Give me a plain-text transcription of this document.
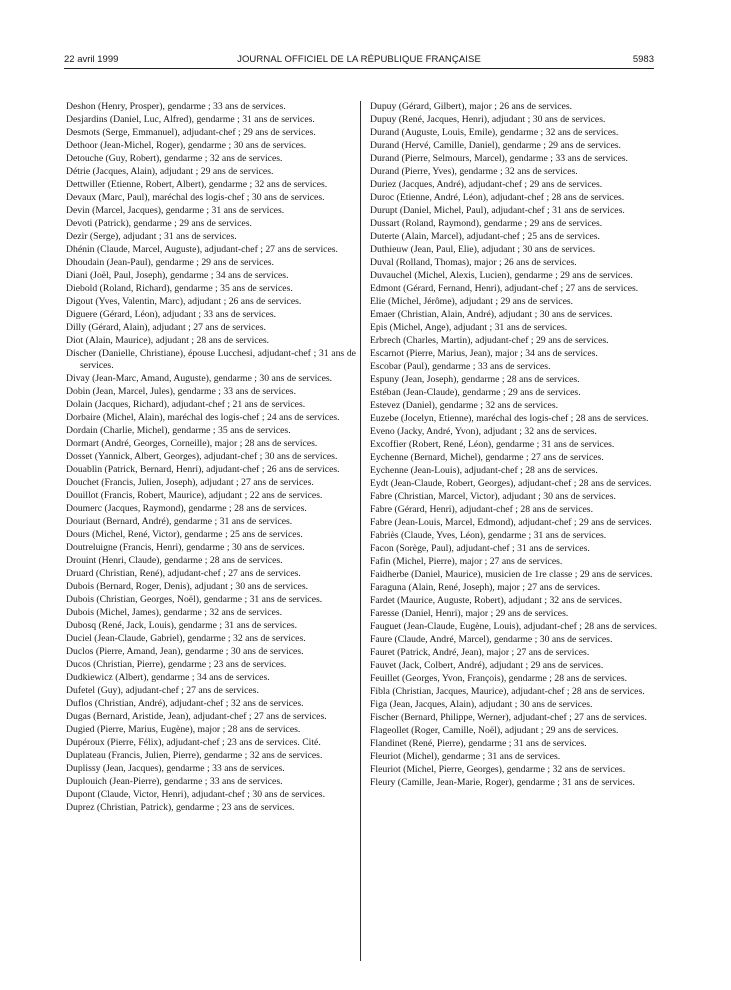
22 avril 1999	JOURNAL OFFICIEL DE LA RÉPUBLIQUE FRANÇAISE	5983

Deshon (Henry, Prosper), gendarme ; 33 ans de services.

Desjardins (Daniel, Luc, Alfred), gendarme ; 31 ans de services.

Desmots (Serge, Emmanuel), adjudant-chef ; 29 ans de services.

Dethoor (Jean-Michel, Roger), gendarme ; 30 ans de services.

Detouche (Guy, Robert), gendarme ; 32 ans de services.

Détrie (Jacques, Alain), adjudant ; 29 ans de services.

Dettwiller (Etienne, Robert, Albert), gendarme ; 32 ans de services.

Devaux (Marc, Paul), maréchal des logis-chef ; 30 ans de services.

Devin (Marcel, Jacques), gendarme ; 31 ans de services.

Devoti (Patrick), gendarme ; 29 ans de services.

Dezir (Serge), adjudant ; 31 ans de services.

Dhénin (Claude, Marcel, Auguste), adjudant-chef ; 27 ans de services.

Dhoudain (Jean-Paul), gendarme ; 29 ans de services.

Diani (Joël, Paul, Joseph), gendarme ; 34 ans de services.

Diebold (Roland, Richard), gendarme ; 35 ans de services.

Digout (Yves, Valentin, Marc), adjudant ; 26 ans de services.

Diguere (Gérard, Léon), adjudant ; 33 ans de services.

Dilly (Gérard, Alain), adjudant ; 27 ans de services.

Diot (Alain, Maurice), adjudant ; 28 ans de services.

Discher (Danielle, Christiane), épouse Lucchesi, adjudant-chef ; 31 ans de services.

Divay (Jean-Marc, Amand, Auguste), gendarme ; 30 ans de services.

Dobin (Jean, Marcel, Jules), gendarme ; 33 ans de services.

Dolain (Jacques, Richard), adjudant-chef ; 21 ans de services.

Dorbaire (Michel, Alain), maréchal des logis-chef ; 24 ans de services.

Dordain (Charlie, Michel), gendarme ; 35 ans de services.

Dormart (André, Georges, Corneille), major ; 28 ans de services.

Dosset (Yannick, Albert, Georges), adjudant-chef ; 30 ans de services.

Douablin (Patrick, Bernard, Henri), adjudant-chef ; 26 ans de services.

Douchet (Francis, Julien, Joseph), adjudant ; 27 ans de services.

Douillot (Francis, Robert, Maurice), adjudant ; 22 ans de services.

Doumerc (Jacques, Raymond), gendarme ; 28 ans de services.

Douriaut (Bernard, André), gendarme ; 31 ans de services.

Dours (Michel, René, Victor), gendarme ; 25 ans de services.

Doutreluigne (Francis, Henri), gendarme ; 30 ans de services.

Drouint (Henri, Claude), gendarme ; 28 ans de services.

Druard (Christian, René), adjudant-chef ; 27 ans de services.

Dubois (Bernard, Roger, Denis), adjudant ; 30 ans de services.

Dubois (Christian, Georges, Noël), gendarme ; 31 ans de services.

Dubois (Michel, James), gendarme ; 32 ans de services.

Dubosq (René, Jack, Louis), gendarme ; 31 ans de services.

Duciel (Jean-Claude, Gabriel), gendarme ; 32 ans de services.

Duclos (Pierre, Amand, Jean), gendarme ; 30 ans de services.

Ducos (Christian, Pierre), gendarme ; 23 ans de services.

Dudkiewicz (Albert), gendarme ; 34 ans de services.

Dufetel (Guy), adjudant-chef ; 27 ans de services.

Duflos (Christian, André), adjudant-chef ; 32 ans de services.

Dugas (Bernard, Aristide, Jean), adjudant-chef ; 27 ans de services.

Dugied (Pierre, Marius, Eugène), major ; 28 ans de services.

Dupéroux (Pierre, Félix), adjudant-chef ; 23 ans de services. Cité.

Duplateau (Francis, Julien, Pierre), gendarme ; 32 ans de services.

Duplissy (Jean, Jacques), gendarme ; 33 ans de services.

Duplouich (Jean-Pierre), gendarme ; 33 ans de services.

Dupont (Claude, Victor, Henri), adjudant-chef ; 30 ans de services.

Duprez (Christian, Patrick), gendarme ; 23 ans de services.

Dupuy (Gérard, Gilbert), major ; 26 ans de services.

Dupuy (René, Jacques, Henri), adjudant ; 30 ans de services.

Durand (Auguste, Louis, Emile), gendarme ; 32 ans de services.

Durand (Hervé, Camille, Daniel), gendarme ; 29 ans de services.

Durand (Pierre, Selmours, Marcel), gendarme ; 33 ans de services.

Durand (Pierre, Yves), gendarme ; 32 ans de services.

Duriez (Jacques, André), adjudant-chef ; 29 ans de services.

Duroc (Etienne, André, Léon), adjudant-chef ; 28 ans de services.

Durupt (Daniel, Michel, Paul), adjudant-chef ; 31 ans de services.

Dussart (Roland, Raymond), gendarme ; 29 ans de services.

Duterte (Alain, Marcel), adjudant-chef ; 25 ans de services.

Duthieuw (Jean, Paul, Elie), adjudant ; 30 ans de services.

Duval (Rolland, Thomas), major ; 26 ans de services.

Duvauchel (Michel, Alexis, Lucien), gendarme ; 29 ans de services.

Edmont (Gérard, Fernand, Henri), adjudant-chef ; 27 ans de services.

Elie (Michel, Jérôme), adjudant ; 29 ans de services.

Emaer (Christian, Alain, André), adjudant ; 30 ans de services.

Epis (Michel, Ange), adjudant ; 31 ans de services.

Erbrech (Charles, Martin), adjudant-chef ; 29 ans de services.

Escarnot (Pierre, Marius, Jean), major ; 34 ans de services.

Escobar (Paul), gendarme ; 33 ans de services.

Espuny (Jean, Joseph), gendarme ; 28 ans de services.

Estéban (Jean-Claude), gendarme ; 29 ans de services.

Estevez (Daniel), gendarme ; 32 ans de services.

Euzebe (Jocelyn, Etienne), maréchal des logis-chef ; 28 ans de services.

Eveno (Jacky, André, Yvon), adjudant ; 32 ans de services.

Excoffier (Robert, René, Léon), gendarme ; 31 ans de services.

Eychenne (Bernard, Michel), gendarme ; 27 ans de services.

Eychenne (Jean-Louis), adjudant-chef ; 28 ans de services.

Eydt (Jean-Claude, Robert, Georges), adjudant-chef ; 28 ans de services.

Fabre (Christian, Marcel, Victor), adjudant ; 30 ans de services.

Fabre (Gérard, Henri), adjudant-chef ; 28 ans de services.

Fabre (Jean-Louis, Marcel, Edmond), adjudant-chef ; 29 ans de services.

Fabriès (Claude, Yves, Léon), gendarme ; 31 ans de services.

Facon (Sorège, Paul), adjudant-chef ; 31 ans de services.

Fafin (Michel, Pierre), major ; 27 ans de services.

Faidherbe (Daniel, Maurice), musicien de 1re classe ; 29 ans de services.

Faraguna (Alain, René, Joseph), major ; 27 ans de services.

Fardet (Maurice, Auguste, Robert), adjudant ; 32 ans de services.

Faresse (Daniel, Henri), major ; 29 ans de services.

Fauguet (Jean-Claude, Eugène, Louis), adjudant-chef ; 28 ans de services.

Faure (Claude, André, Marcel), gendarme ; 30 ans de services.

Fauret (Patrick, André, Jean), major ; 27 ans de services.

Fauvet (Jack, Colbert, André), adjudant ; 29 ans de services.

Feuillet (Georges, Yvon, François), gendarme ; 28 ans de services.

Fibla (Christian, Jacques, Maurice), adjudant-chef ; 28 ans de services.

Figa (Jean, Jacques, Alain), adjudant ; 30 ans de services.

Fischer (Bernard, Philippe, Werner), adjudant-chef ; 27 ans de services.

Flageollet (Roger, Camille, Noël), adjudant ; 29 ans de services.

Flandinet (René, Pierre), gendarme ; 31 ans de services.

Fleuriot (Michel), gendarme ; 31 ans de services.

Fleuriot (Michel, Pierre, Georges), gendarme ; 32 ans de services.

Fleury (Camille, Jean-Marie, Roger), gendarme ; 31 ans de services.
